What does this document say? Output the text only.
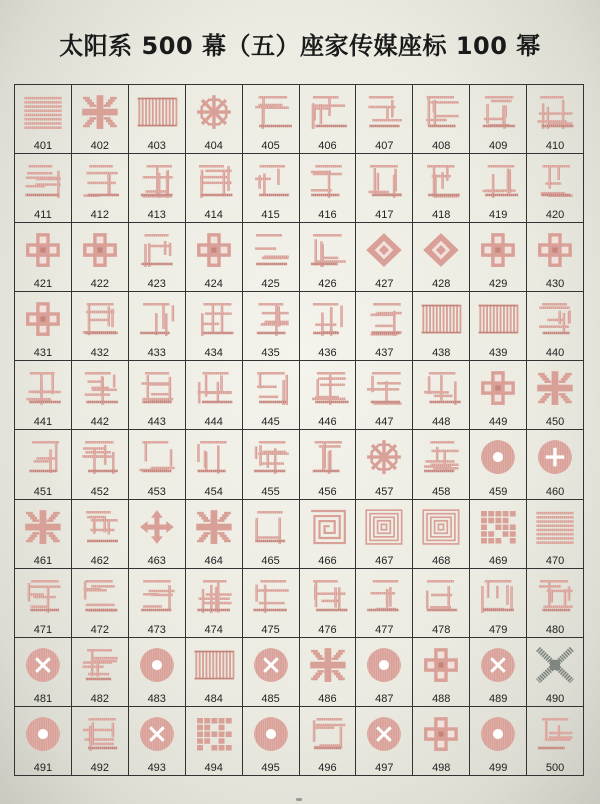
太阳系 500 幕（五）座家传媒座标 100 幂
401	402	403	404	405	406	407	408	409	410
411	412	413	414	415	416	417	418	419	420
421	422	423	424	425	426	427	428	429	430
431	432	433	434	435	436	437	438	439	440
441	442	443	444	445	446	447	448	449	450
451	452	453	454	455	456	457	458	459	460
461	462	463	464	465	466	467	468	469	470
471	472	473	474	475	476	477	478	479	480
481	482	483	484	485	486	487	488	489	490
491	492	493	494	495	496	497	498	499	500
